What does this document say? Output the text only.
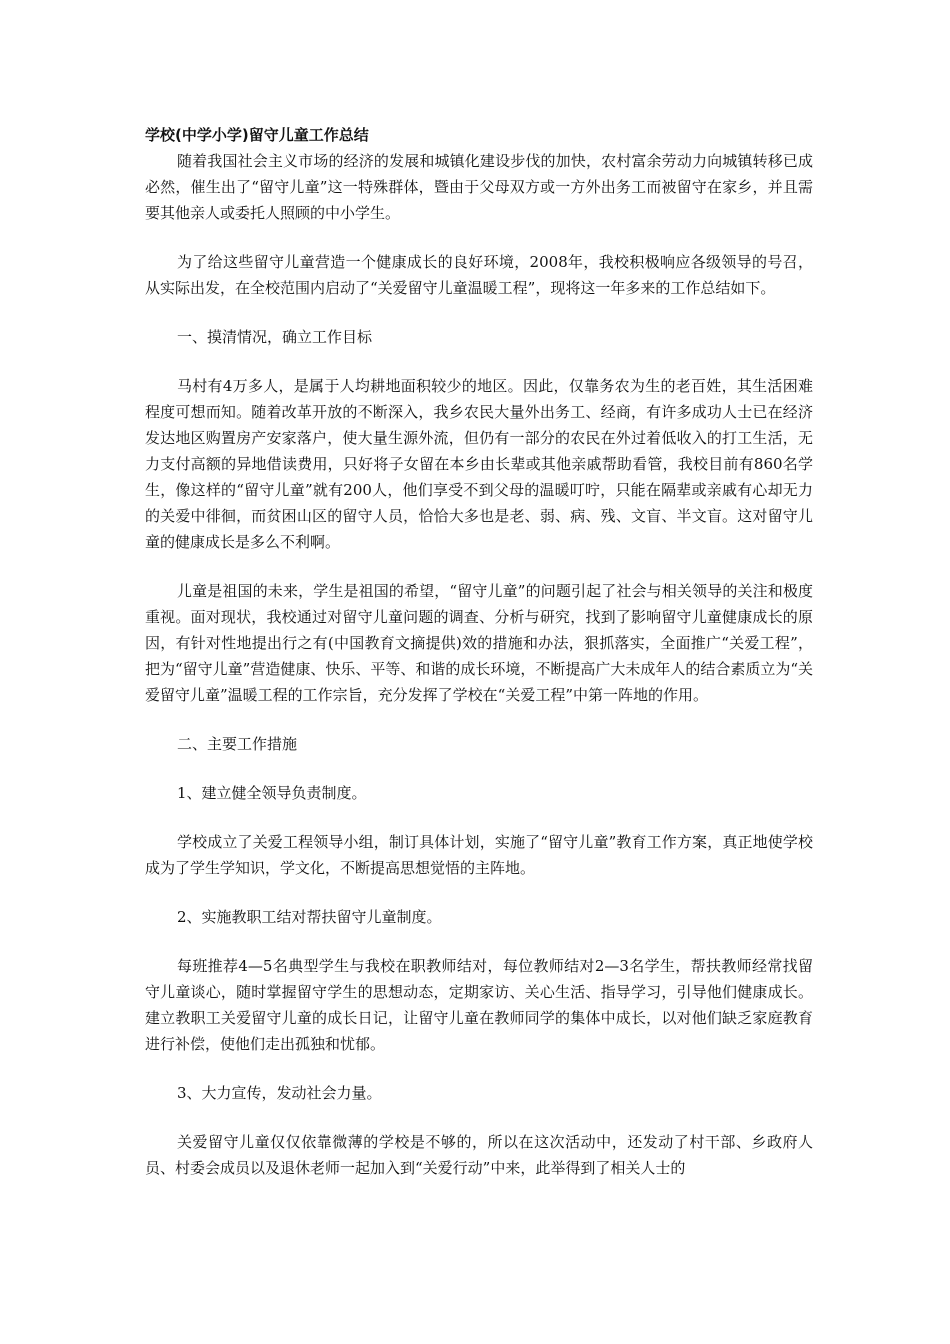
学校(中学小学)留守儿童工作总结

随着我国社会主义市场的经济的发展和城镇化建设步伐的加快，农村富余劳动力向城镇转移已成必然，催生出了“留守儿童”这一特殊群体，暨由于父母双方或一方外出务工而被留守在家乡，并且需要其他亲人或委托人照顾的中小学生。

为了给这些留守儿童营造一个健康成长的良好环境，2008年，我校积极响应各级领导的号召，从实际出发，在全校范围内启动了“关爱留守儿童温暖工程”，现将这一年多来的工作总结如下。

一、摸清情况，确立工作目标

马村有4万多人，是属于人均耕地面积较少的地区。因此，仅靠务农为生的老百姓，其生活困难程度可想而知。随着改革开放的不断深入，我乡农民大量外出务工、经商，有许多成功人士已在经济发达地区购置房产安家落户，使大量生源外流，但仍有一部分的农民在外过着低收入的打工生活，无力支付高额的异地借读费用，只好将子女留在本乡由长辈或其他亲戚帮助看管，我校目前有860名学生，像这样的“留守儿童”就有200人，他们享受不到父母的温暖叮咛，只能在隔辈或亲戚有心却无力的关爱中徘徊，而贫困山区的留守人员，恰恰大多也是老、弱、病、残、文盲、半文盲。这对留守儿童的健康成长是多么不利啊。

儿童是祖国的未来，学生是祖国的希望，“留守儿童”的问题引起了社会与相关领导的关注和极度重视。面对现状，我校通过对留守儿童问题的调查、分析与研究，找到了影响留守儿童健康成长的原因，有针对性地提出行之有(中国教育文摘提供)效的措施和办法，狠抓落实，全面推广“关爱工程”，把为“留守儿童”营造健康、快乐、平等、和谐的成长环境，不断提高广大未成年人的结合素质立为“关爱留守儿童”温暖工程的工作宗旨，充分发挥了学校在“关爱工程”中第一阵地的作用。

二、主要工作措施

1、建立健全领导负责制度。

学校成立了关爱工程领导小组，制订具体计划，实施了“留守儿童”教育工作方案，真正地使学校成为了学生学知识，学文化，不断提高思想觉悟的主阵地。

2、实施教职工结对帮扶留守儿童制度。

每班推荐4—5名典型学生与我校在职教师结对，每位教师结对2—3名学生，帮扶教师经常找留守儿童谈心，随时掌握留守学生的思想动态，定期家访、关心生活、指导学习，引导他们健康成长。建立教职工关爱留守儿童的成长日记，让留守儿童在教师同学的集体中成长，以对他们缺乏家庭教育进行补偿，使他们走出孤独和忧郁。

3、大力宣传，发动社会力量。

关爱留守儿童仅仅依靠微薄的学校是不够的，所以在这次活动中，还发动了村干部、乡政府人员、村委会成员以及退休老师一起加入到“关爱行动”中来，此举得到了相关人士的
